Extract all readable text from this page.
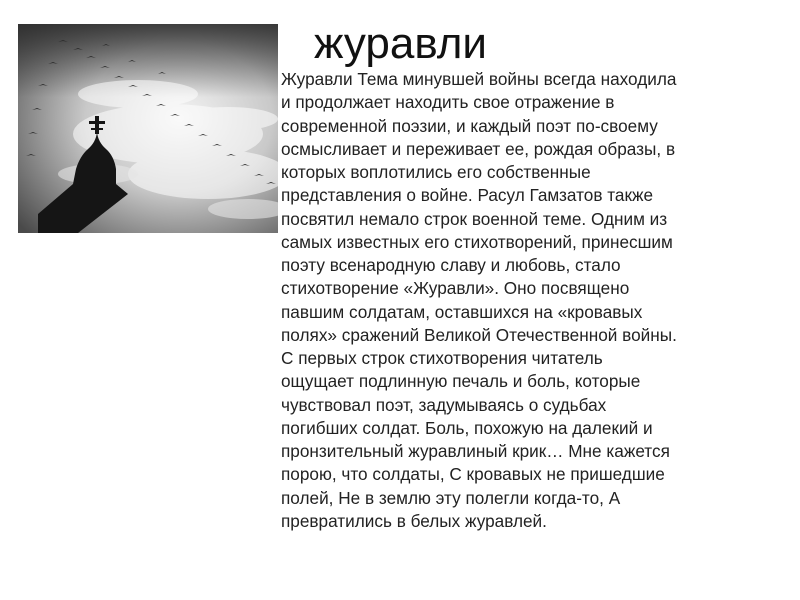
журавли
Журавли Тема минувшей войны всегда находила
и продолжает находить свое отражение в
современной поэзии, и каждый поэт по-своему
осмысливает и переживает ее, рождая образы, в
которых воплотились его собственные
представления о войне. Расул Гамзатов также
посвятил немало строк военной теме. Одним из
самых известных его стихотворений, принесшим
поэту всенародную славу и любовь, стало
стихотворение «Журавли». Оно посвящено
павшим солдатам, оставшихся на «кровавых
полях» сражений Великой Отечественной войны.
С первых строк стихотворения читатель
ощущает подлинную печаль и боль, которые
чувствовал поэт, задумываясь о судьбах
погибших солдат. Боль, похожую на далекий и
пронзительный журавлиный крик… Мне кажется
порою, что солдаты, С кровавых не пришедшие
полей, Не в землю эту полегли когда-то, А
превратились в белых журавлей.
